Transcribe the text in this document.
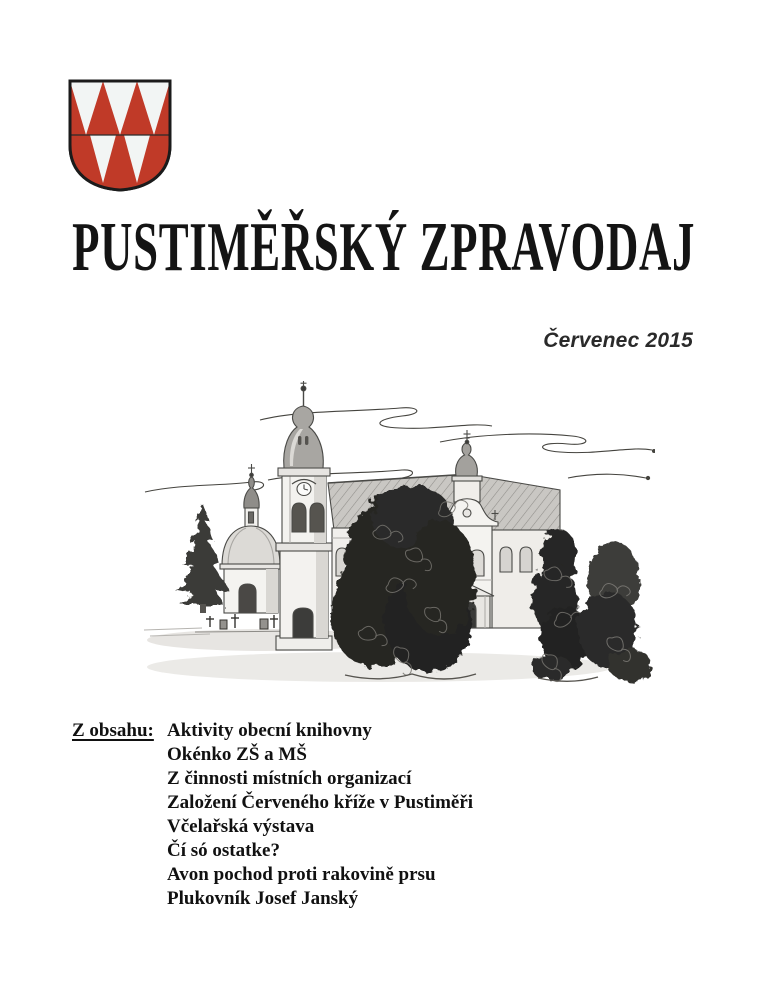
PUSTIMĚŘSKÝ ZPRAVODAJ
Červenec 2015
Z obsahu: Aktivity obecní knihovny
Okénko ZŠ a MŠ
Z činnosti místních organizací
Založení Červeného kříže v Pustiměři
Včelařská výstava
Čí só ostatke?
Avon pochod proti rakovině prsu
Plukovník Josef Janský
